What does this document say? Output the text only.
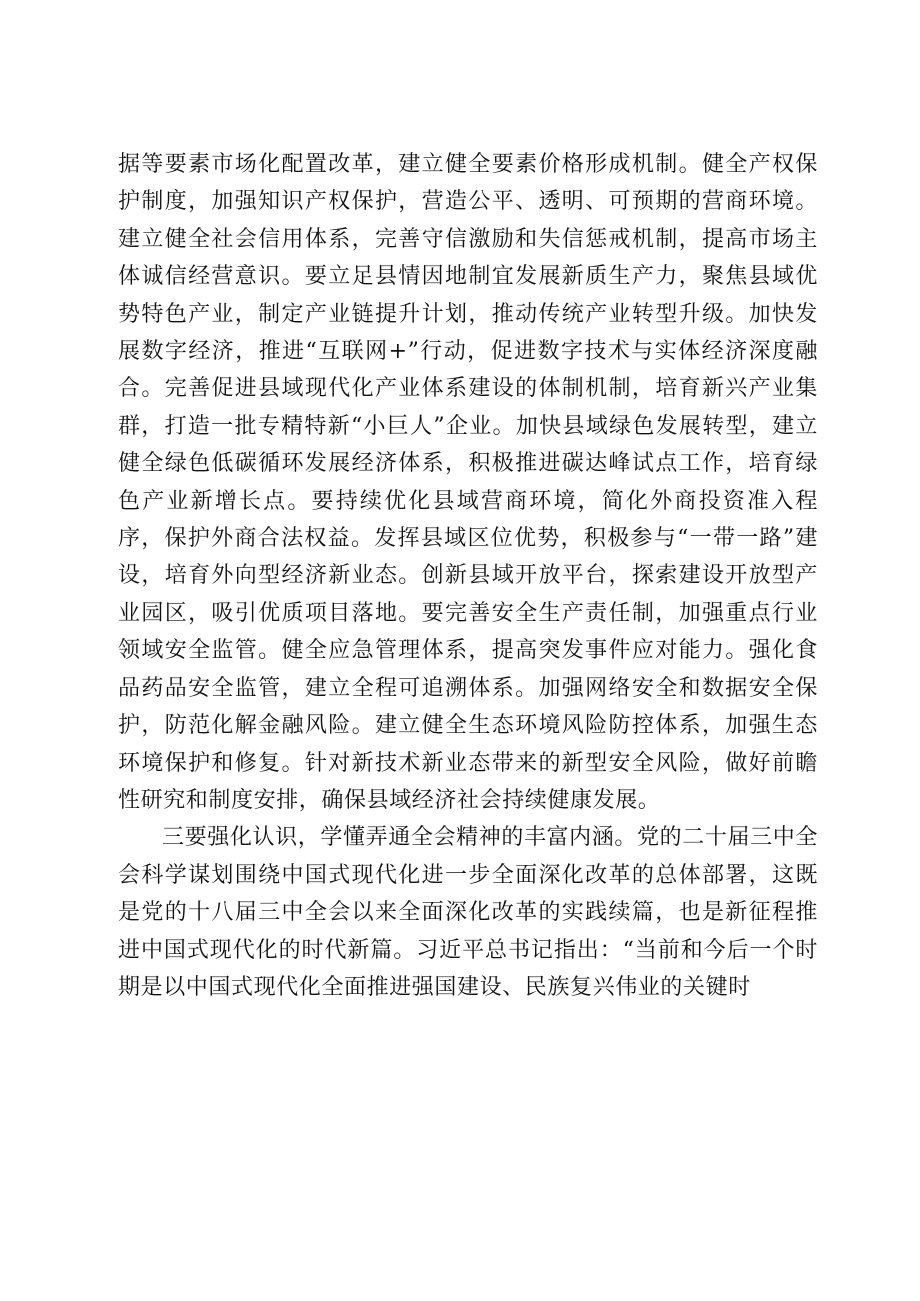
据等要素市场化配置改革，建立健全要素价格形成机制。健全产权保护制度，加强知识产权保护，营造公平、透明、可预期的营商环境。建立健全社会信用体系，完善守信激励和失信惩戒机制，提高市场主体诚信经营意识。要立足县情因地制宜发展新质生产力，聚焦县域优势特色产业，制定产业链提升计划，推动传统产业转型升级。加快发展数字经济，推进“互联网+”行动，促进数字技术与实体经济深度融合。完善促进县域现代化产业体系建设的体制机制，培育新兴产业集群，打造一批专精特新“小巨人”企业。加快县域绿色发展转型，建立健全绿色低碳循环发展经济体系，积极推进碳达峰试点工作，培育绿色产业新增长点。要持续优化县域营商环境，简化外商投资准入程序，保护外商合法权益。发挥县域区位优势，积极参与“一带一路”建设，培育外向型经济新业态。创新县域开放平台，探索建设开放型产业园区，吸引优质项目落地。要完善安全生产责任制，加强重点行业领域安全监管。健全应急管理体系，提高突发事件应对能力。强化食品药品安全监管，建立全程可追溯体系。加强网络安全和数据安全保护，防范化解金融风险。建立健全生态环境风险防控体系，加强生态环境保护和修复。针对新技术新业态带来的新型安全风险，做好前瞻性研究和制度安排，确保县域经济社会持续健康发展。

三要强化认识，学懂弄通全会精神的丰富内涵。党的二十届三中全会科学谋划围绕中国式现代化进一步全面深化改革的总体部署，这既是党的十八届三中全会以来全面深化改革的实践续篇，也是新征程推进中国式现代化的时代新篇。习近平总书记指出：“当前和今后一个时期是以中国式现代化全面推进强国建设、民族复兴伟业的关键时
